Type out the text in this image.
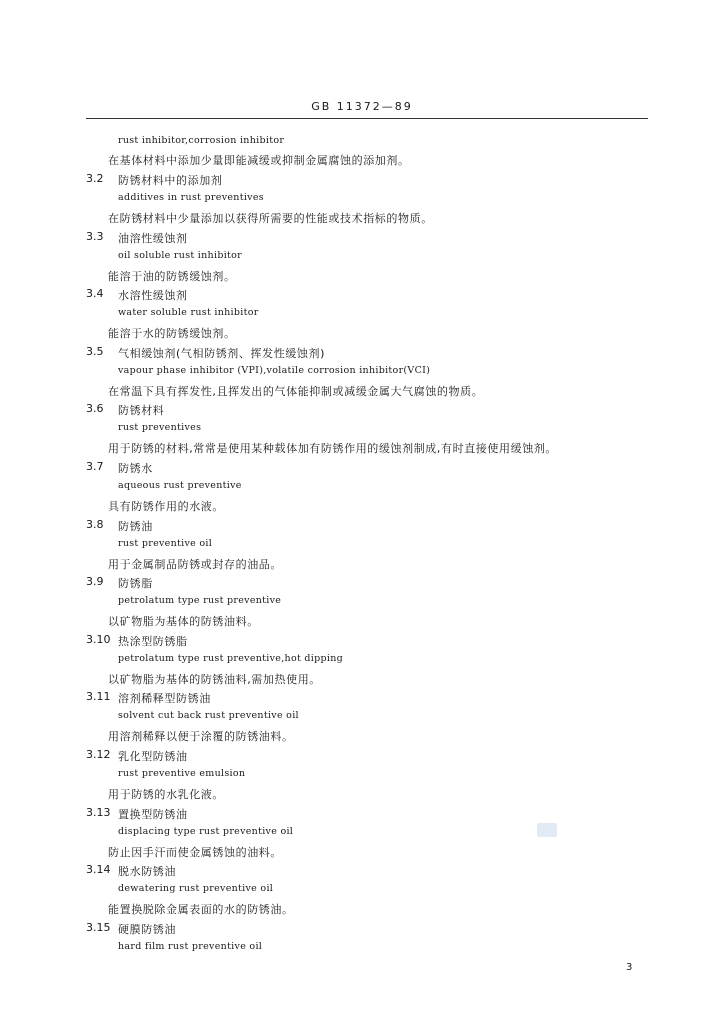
GB 11372—89
rust inhibitor,corrosion inhibitor
在基体材料中添加少量即能减缓或抑制金属腐蚀的添加剂。
3.2 防锈材料中的添加剂
additives in rust preventives
在防锈材料中少量添加以获得所需要的性能或技术指标的物质。
3.3 油溶性缓蚀剂
oil soluble rust inhibitor
能溶于油的防锈缓蚀剂。
3.4 水溶性缓蚀剂
water soluble rust inhibitor
能溶于水的防锈缓蚀剂。
3.5 气相缓蚀剂(气相防锈剂、挥发性缓蚀剂)
vapour phase inhibitor (VPI),volatile corrosion inhibitor(VCI)
在常温下具有挥发性,且挥发出的气体能抑制或减缓金属大气腐蚀的物质。
3.6 防锈材料
rust preventives
用于防锈的材料,常常是使用某种载体加有防锈作用的缓蚀剂制成,有时直接使用缓蚀剂。
3.7 防锈水
aqueous rust preventive
具有防锈作用的水液。
3.8 防锈油
rust preventive oil
用于金属制品防锈或封存的油品。
3.9 防锈脂
petrolatum type rust preventive
以矿物脂为基体的防锈油料。
3.10 热涂型防锈脂
petrolatum type rust preventive,hot dipping
以矿物脂为基体的防锈油料,需加热使用。
3.11 溶剂稀释型防锈油
solvent cut back rust preventive oil
用溶剂稀释以便于涂覆的防锈油料。
3.12 乳化型防锈油
rust preventive emulsion
用于防锈的水乳化液。
3.13 置换型防锈油
displacing type rust preventive oil
防止因手汗而使金属锈蚀的油料。
3.14 脱水防锈油
dewatering rust preventive oil
能置换脱除金属表面的水的防锈油。
3.15 硬膜防锈油
hard film rust preventive oil
3
